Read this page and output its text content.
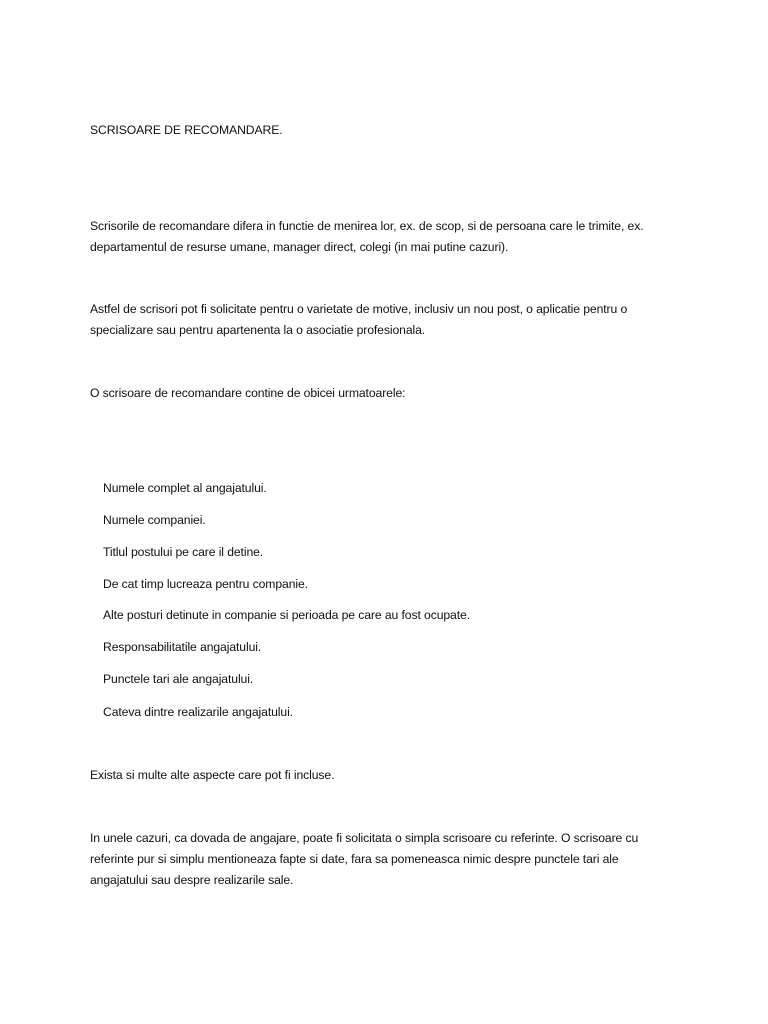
SCRISOARE DE RECOMANDARE.
Scrisorile de recomandare difera in functie de menirea lor, ex. de scop, si de persoana care le trimite, ex.
departamentul de resurse umane, manager direct, colegi (in mai putine cazuri).
Astfel de scrisori pot fi solicitate pentru o varietate de motive, inclusiv un nou post, o aplicatie pentru o
specializare sau pentru apartenenta la o asociatie profesionala.
O scrisoare de recomandare contine de obicei urmatoarele:
Numele complet al angajatului.
Numele companiei.
Titlul postului pe care il detine.
De cat timp lucreaza pentru companie.
Alte posturi detinute in companie si perioada pe care au fost ocupate.
Responsabilitatile angajatului.
Punctele tari ale angajatului.
Cateva dintre realizarile angajatului.
Exista si multe alte aspecte care pot fi incluse.
In unele cazuri, ca dovada de angajare, poate fi solicitata o simpla scrisoare cu referinte. O scrisoare cu
referinte pur si simplu mentioneaza fapte si date, fara sa pomeneasca nimic despre punctele tari ale
angajatului sau despre realizarile sale.
